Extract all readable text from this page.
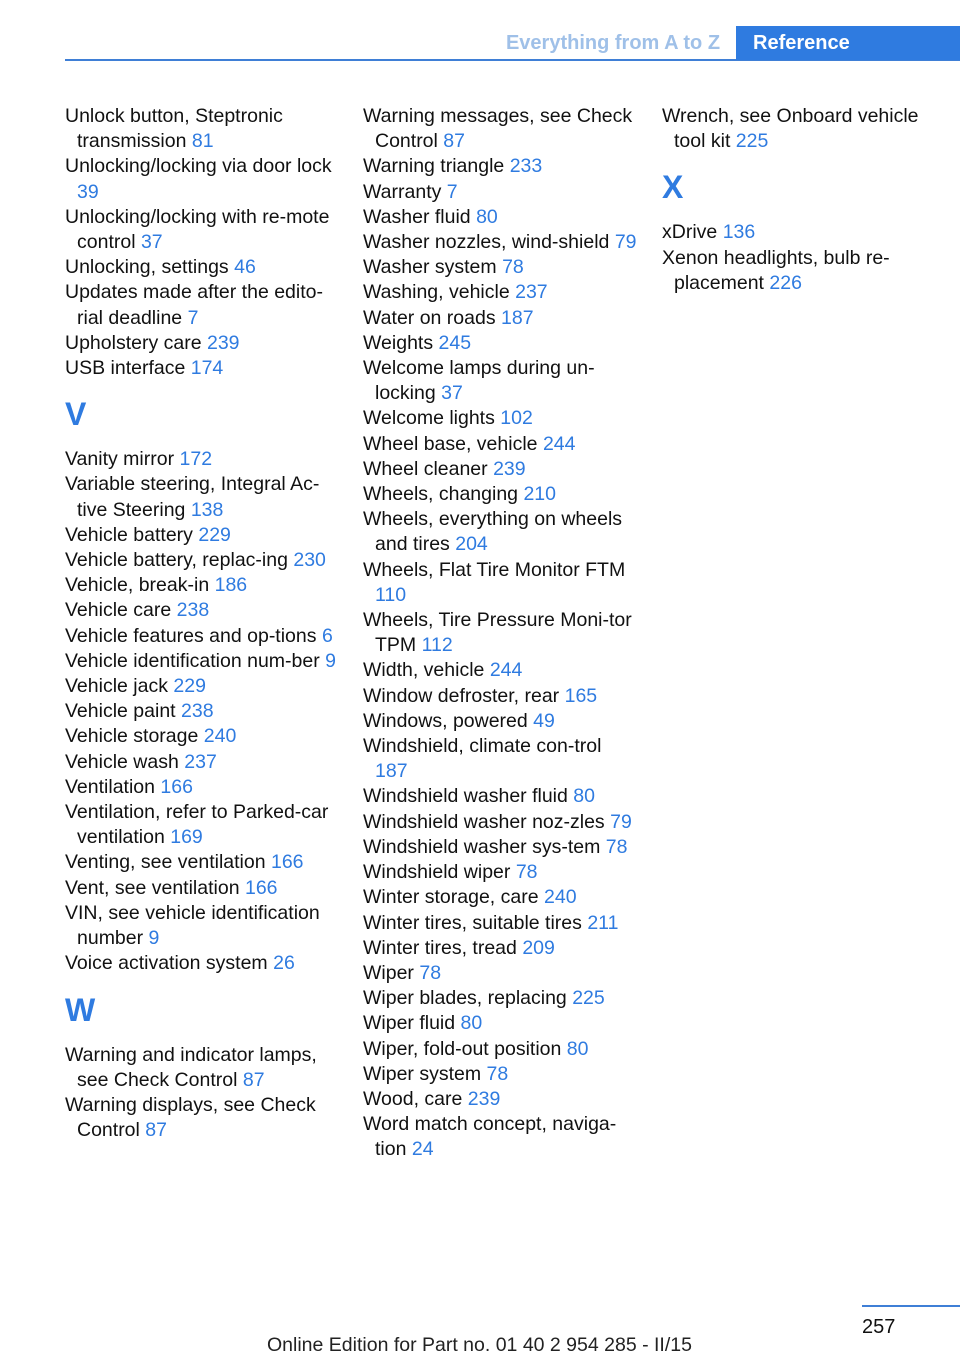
Everything from A to Z	Reference
Unlock button, Steptronic transmission 81
Unlocking/locking via door lock 39
Unlocking/locking with re-mote control 37
Unlocking, settings 46
Updates made after the edito-rial deadline 7
Upholstery care 239
USB interface 174
V
Vanity mirror 172
Variable steering, Integral Ac-tive Steering 138
Vehicle battery 229
Vehicle battery, replac-ing 230
Vehicle, break-in 186
Vehicle care 238
Vehicle features and op-tions 6
Vehicle identification num-ber 9
Vehicle jack 229
Vehicle paint 238
Vehicle storage 240
Vehicle wash 237
Ventilation 166
Ventilation, refer to Parked-car ventilation 169
Venting, see ventilation 166
Vent, see ventilation 166
VIN, see vehicle identification number 9
Voice activation system 26
W
Warning and indicator lamps, see Check Control 87
Warning displays, see Check Control 87
Warning messages, see Check Control 87
Warning triangle 233
Warranty 7
Washer fluid 80
Washer nozzles, wind-shield 79
Washer system 78
Washing, vehicle 237
Water on roads 187
Weights 245
Welcome lamps during un-locking 37
Welcome lights 102
Wheel base, vehicle 244
Wheel cleaner 239
Wheels, changing 210
Wheels, everything on wheels and tires 204
Wheels, Flat Tire Monitor FTM 110
Wheels, Tire Pressure Moni-tor TPM 112
Width, vehicle 244
Window defroster, rear 165
Windows, powered 49
Windshield, climate con-trol 187
Windshield washer fluid 80
Windshield washer noz-zles 79
Windshield washer sys-tem 78
Windshield wiper 78
Winter storage, care 240
Winter tires, suitable tires 211
Winter tires, tread 209
Wiper 78
Wiper blades, replacing 225
Wiper fluid 80
Wiper, fold-out position 80
Wiper system 78
Wood, care 239
Word match concept, naviga-tion 24
Wrench, see Onboard vehicle tool kit 225
X
xDrive 136
Xenon headlights, bulb re-placement 226
257
Online Edition for Part no. 01 40 2 954 285 - II/15
